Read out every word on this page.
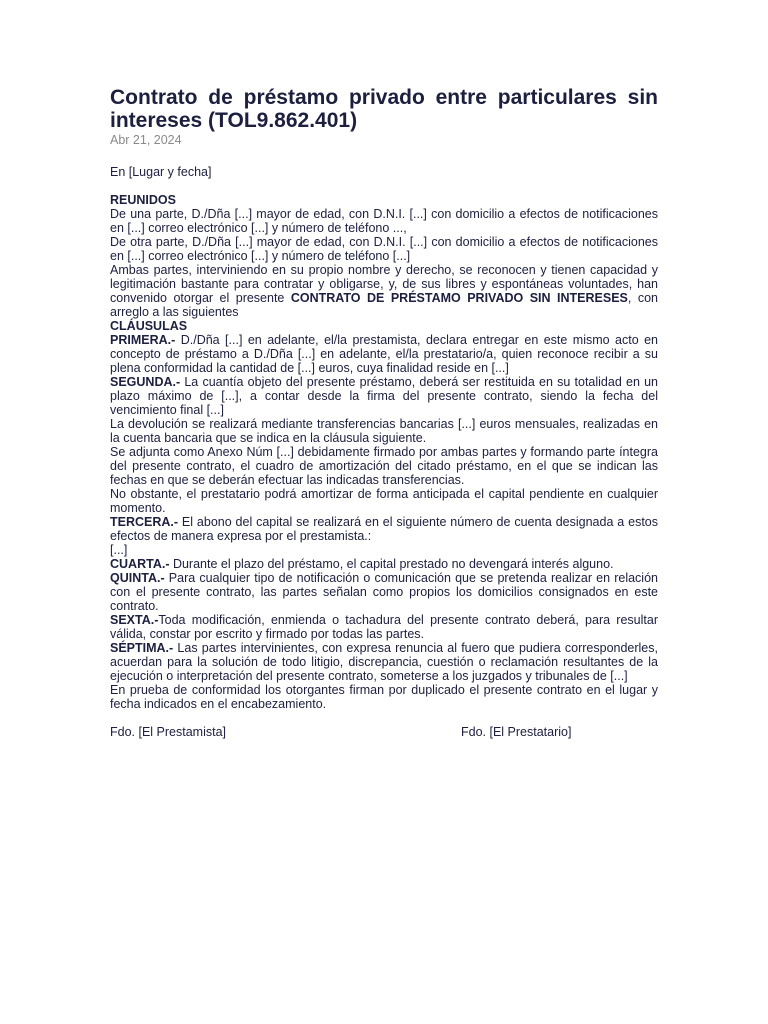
Contrato de préstamo privado entre particulares sin intereses (TOL9.862.401)
Abr 21, 2024
En [Lugar y fecha]
REUNIDOS

De una parte, D./Dña [...] mayor de edad, con D.N.I. [...] con domicilio a efectos de notificaciones en [...] correo electrónico [...] y número de teléfono ...,

De otra parte, D./Dña [...] mayor de edad, con D.N.I. [...] con domicilio a efectos de notificaciones en [...] correo electrónico [...] y número de teléfono [...]

Ambas partes, interviniendo en su propio nombre y derecho, se reconocen y tienen capacidad y legitimación bastante para contratar y obligarse, y, de sus libres y espontáneas voluntades, han convenido otorgar el presente CONTRATO DE PRÉSTAMO PRIVADO SIN INTERESES, con arreglo a las siguientes

CLÁUSULAS

PRIMERA.- D./Dña [...] en adelante, el/la prestamista, declara entregar en este mismo acto en concepto de préstamo a D./Dña [...] en adelante, el/la prestatario/a, quien reconoce recibir a su plena conformidad la cantidad de [...] euros, cuya finalidad reside en [...]

SEGUNDA.- La cuantía objeto del presente préstamo, deberá ser restituida en su totalidad en un plazo máximo de [...], a contar desde la firma del presente contrato, siendo la fecha del vencimiento final [...]

La devolución se realizará mediante transferencias bancarias [...] euros mensuales, realizadas en la cuenta bancaria que se indica en la cláusula siguiente.

Se adjunta como Anexo Núm [...] debidamente firmado por ambas partes y formando parte íntegra del presente contrato, el cuadro de amortización del citado préstamo, en el que se indican las fechas en que se deberán efectuar las indicadas transferencias.

No obstante, el prestatario podrá amortizar de forma anticipada el capital pendiente en cualquier momento.

TERCERA.- El abono del capital se realizará en el siguiente número de cuenta designada a estos efectos de manera expresa por el prestamista.:

[...]

CUARTA.- Durante el plazo del préstamo, el capital prestado no devengará interés alguno.

QUINTA.- Para cualquier tipo de notificación o comunicación que se pretenda realizar en relación con el presente contrato, las partes señalan como propios los domicilios consignados en este contrato.

SEXTA.-Toda modificación, enmienda o tachadura del presente contrato deberá, para resultar válida, constar por escrito y firmado por todas las partes.

SÉPTIMA.- Las partes intervinientes, con expresa renuncia al fuero que pudiera corresponderles, acuerdan para la solución de todo litigio, discrepancia, cuestión o reclamación resultantes de la ejecución o interpretación del presente contrato, someterse a los juzgados y tribunales de [...]

En prueba de conformidad los otorgantes firman por duplicado el presente contrato en el lugar y fecha indicados en el encabezamiento.

Fdo. [El Prestamista]	Fdo. [El Prestatario]
